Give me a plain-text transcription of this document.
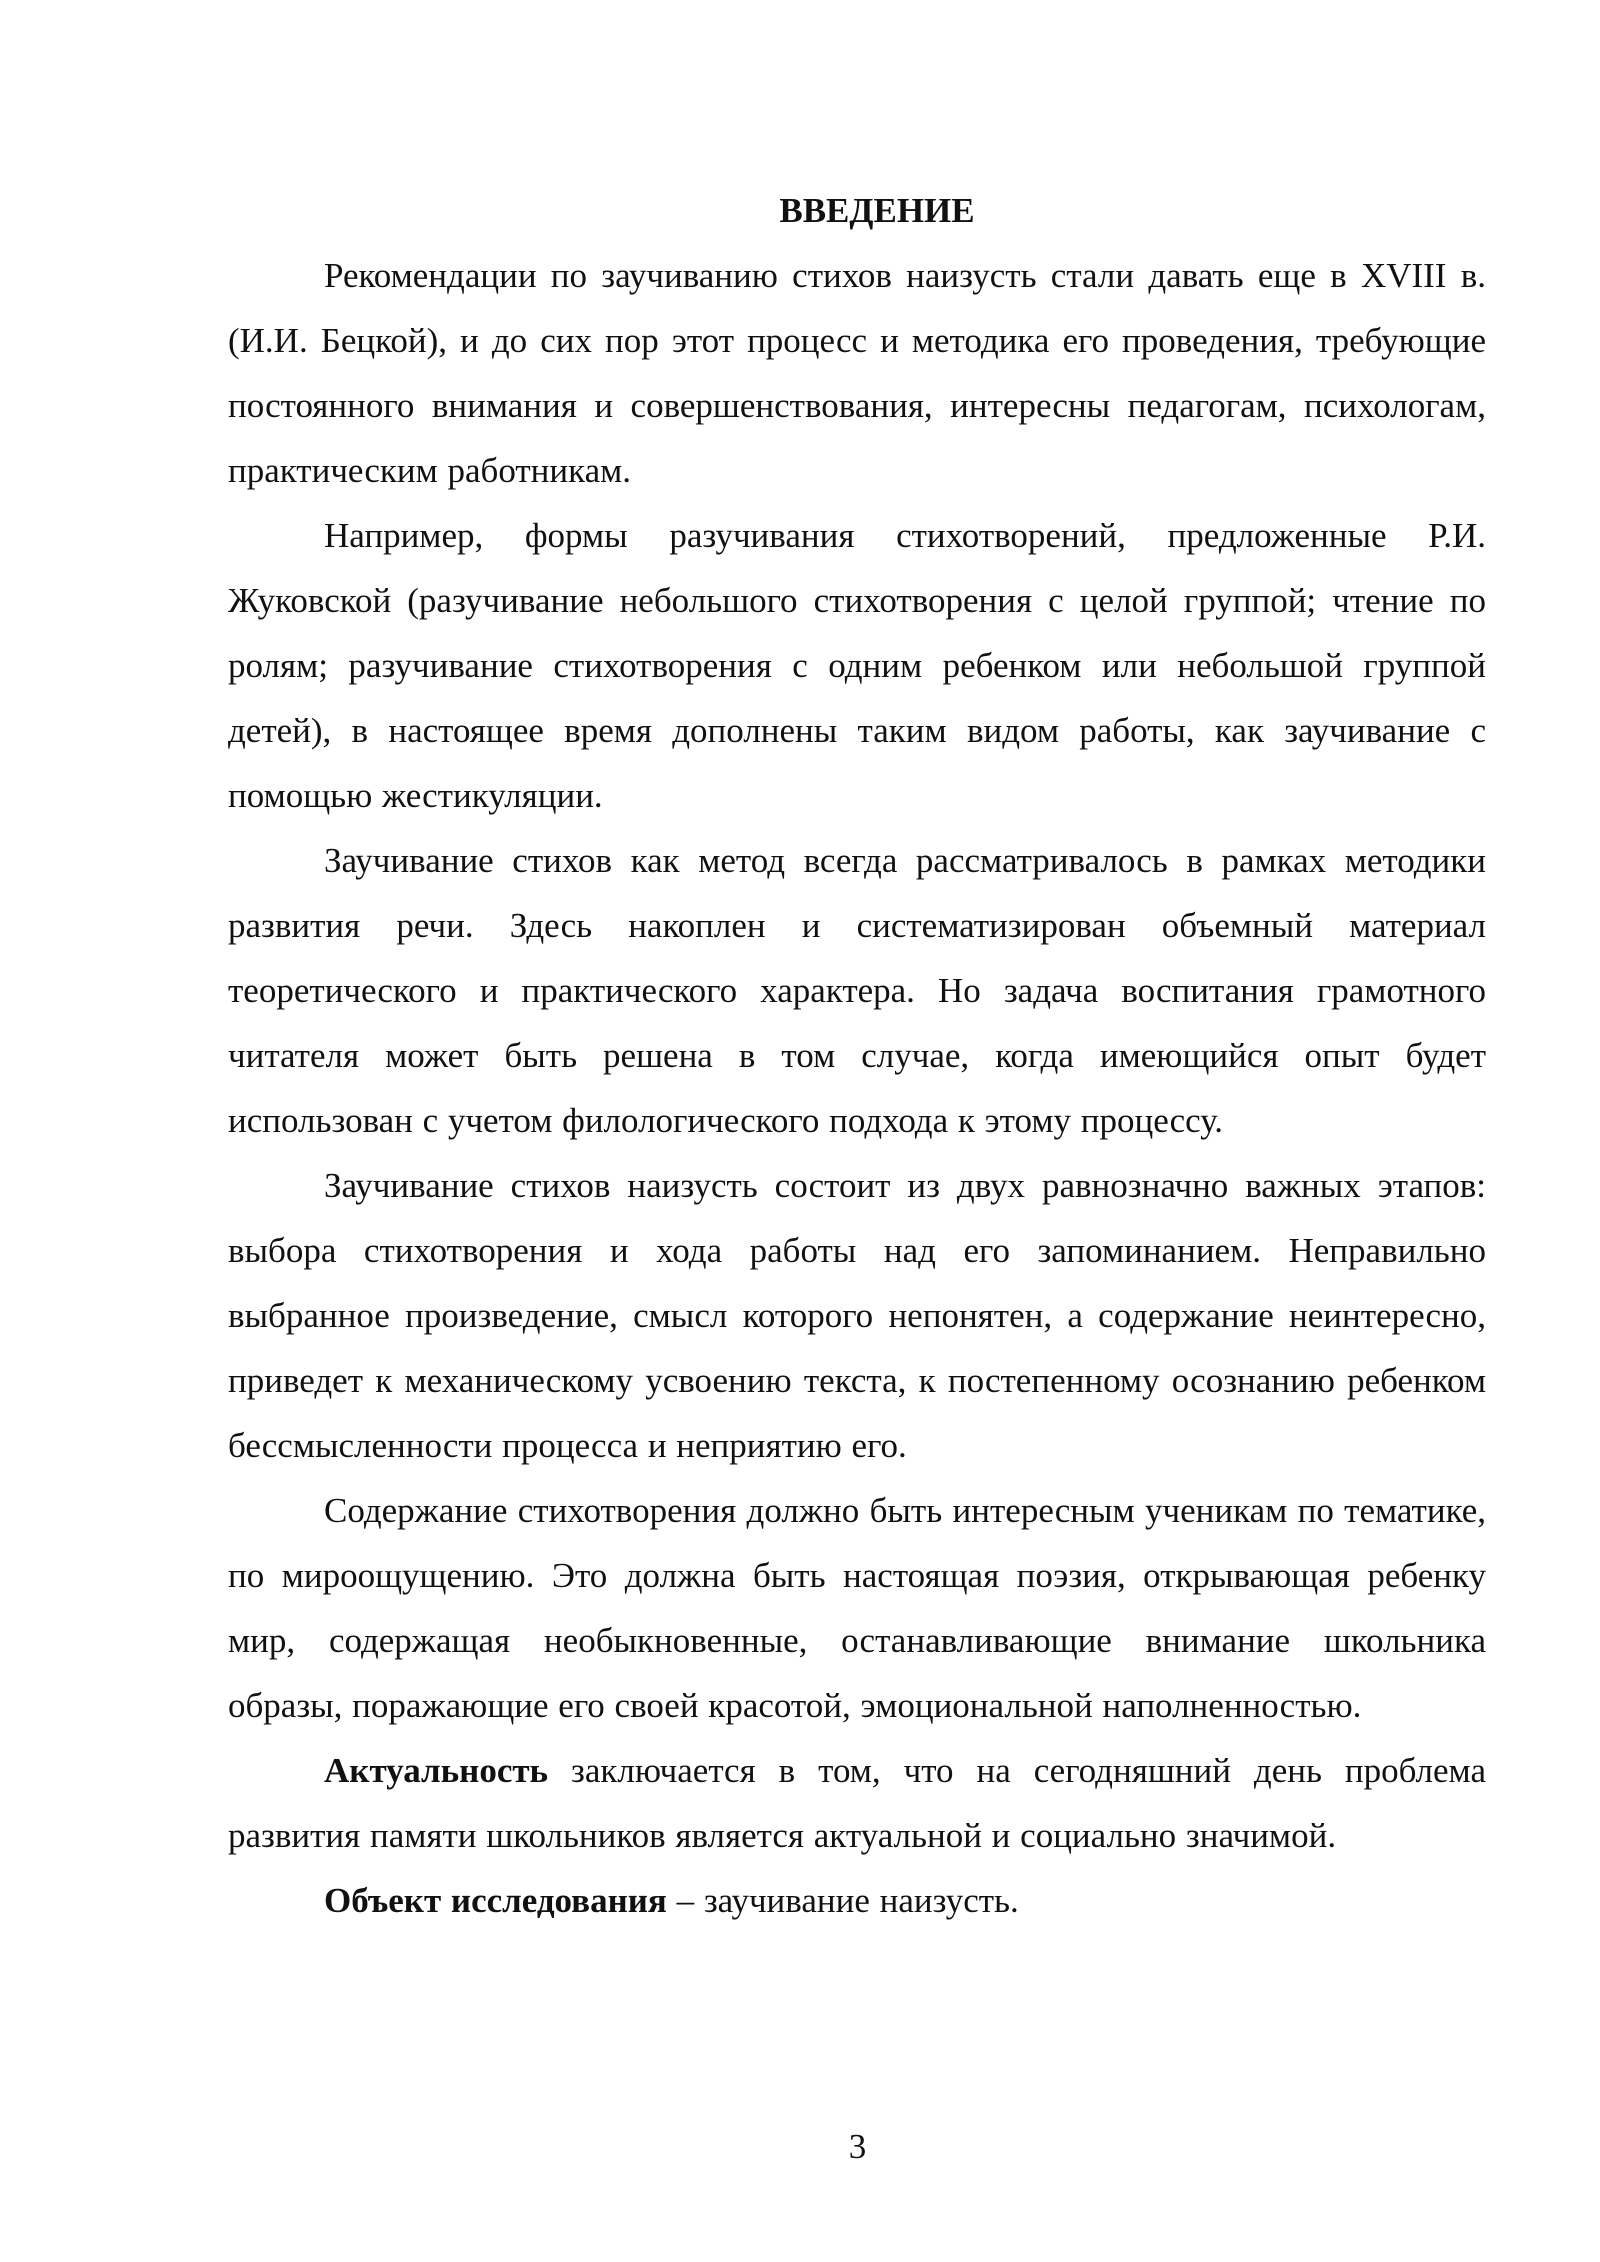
ВВЕДЕНИЕ

Рекомендации по заучиванию стихов наизусть стали давать еще в XVIII в. (И.И. Бецкой), и до сих пор этот процесс и методика его проведения, требующие постоянного внимания и совершенствования, интересны педагогам, психологам, практическим работникам.

Например, формы разучивания стихотворений, предложенные Р.И. Жуковской (разучивание небольшого стихотворения с целой группой; чтение по ролям; разучивание стихотворения с одним ребенком или небольшой группой детей), в настоящее время дополнены таким видом работы, как заучивание с помощью жестикуляции.

Заучивание стихов как метод всегда рассматривалось в рамках методики развития речи. Здесь накоплен и систематизирован объемный материал теоретического и практического характера. Но задача воспитания грамотного читателя может быть решена в том случае, когда имеющийся опыт будет использован с учетом филологического подхода к этому процессу.

Заучивание стихов наизусть состоит из двух равнозначно важных этапов: выбора стихотворения и хода работы над его запоминанием. Неправильно выбранное произведение, смысл которого непонятен, а содержание неинтересно, приведет к механическому усвоению текста, к постепенному осознанию ребенком бессмысленности процесса и неприятию его.

Содержание стихотворения должно быть интересным ученикам по тематике, по мироощущению. Это должна быть настоящая поэзия, открывающая ребенку мир, содержащая необыкновенные, останавливающие внимание школьника образы, поражающие его своей красотой, эмоциональной наполненностью.

Актуальность заключается в том, что на сегодняшний день проблема развития памяти школьников является актуальной и социально значимой.

Объект исследования – заучивание наизусть.

3
